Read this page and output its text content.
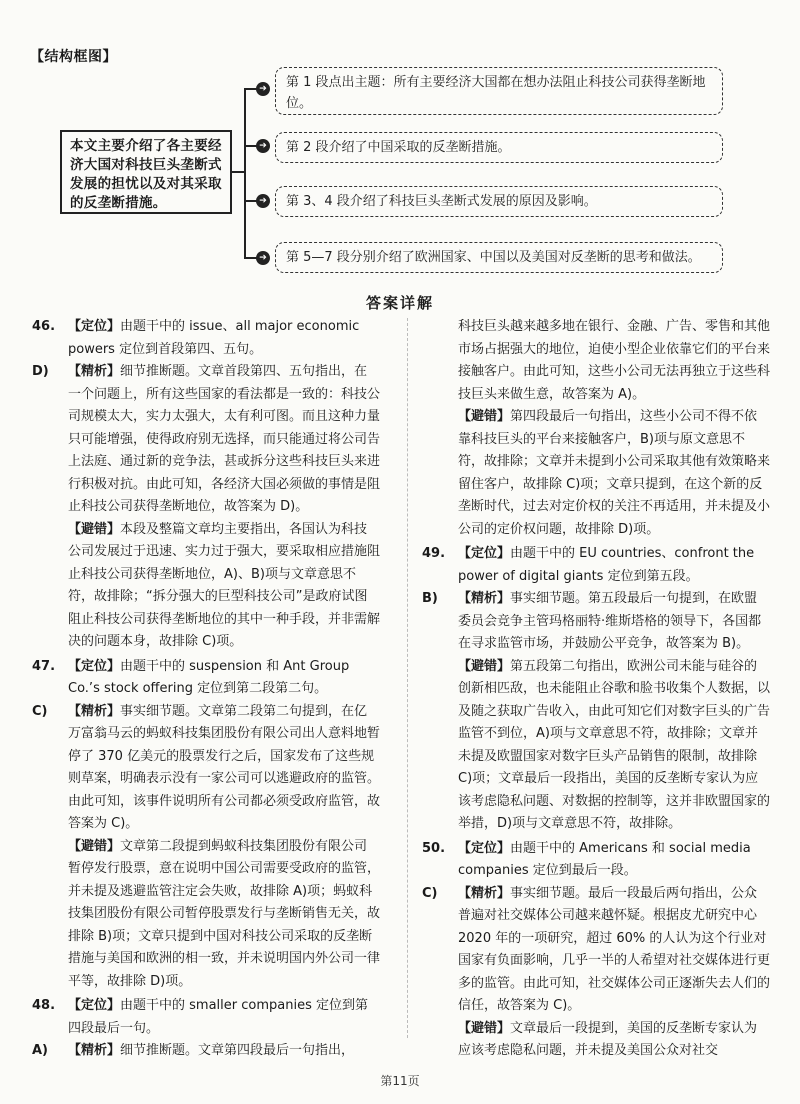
【结构框图】
本文主要介绍了各主要经济大国对科技巨头垄断式发展的担忧以及对其采取的反垄断措施。
➔
➔
➔
➔
第 1 段点出主题：所有主要经济大国都在想办法阻止科技公司获得垄断地位。
第 2 段介绍了中国采取的反垄断措施。
第 3、4 段介绍了科技巨头垄断式发展的原因及影响。
第 5—7 段分别介绍了欧洲国家、中国以及美国对反垄断的思考和做法。
答案详解
46. 【定位】由题干中的 issue、all major economic powers 定位到首段第四、五句。
D)	【精析】细节推断题。文章首段第四、五句指出，在一个问题上，所有这些国家的看法都是一致的：科技公司规模太大，实力太强大，太有利可图。而且这种力量只可能增强，使得政府别无选择，而只能通过将公司告上法庭、通过新的竞争法，甚或拆分这些科技巨头来进行积极对抗。由此可知，各经济大国必须做的事情是阻止科技公司获得垄断地位，故答案为 D)。
【避错】本段及整篇文章均主要指出，各国认为科技公司发展过于迅速、实力过于强大，要采取相应措施阻止科技公司获得垄断地位，A)、B)项与文章意思不符，故排除；“拆分强大的巨型科技公司”是政府试图阻止科技公司获得垄断地位的其中一种手段，并非需解决的问题本身，故排除 C)项。
47. 【定位】由题干中的 suspension 和 Ant Group Co.’s stock offering 定位到第二段第二句。
C)	【精析】事实细节题。文章第二段第二句提到，在亿万富翁马云的蚂蚁科技集团股份有限公司出人意料地暂停了 370 亿美元的股票发行之后，国家发布了这些规则草案，明确表示没有一家公司可以逃避政府的监管。由此可知，该事件说明所有公司都必须受政府监管，故答案为 C)。
【避错】文章第二段提到蚂蚁科技集团股份有限公司暂停发行股票，意在说明中国公司需要受政府的监管，并未提及逃避监管注定会失败，故排除 A)项；蚂蚁科技集团股份有限公司暂停股票发行与垄断销售无关，故排除 B)项；文章只提到中国对科技公司采取的反垄断措施与美国和欧洲的相一致，并未说明国内外公司一律平等，故排除 D)项。
48. 【定位】由题干中的 smaller companies 定位到第四段最后一句。
A)	【精析】细节推断题。文章第四段最后一句指出，
科技巨头越来越多地在银行、金融、广告、零售和其他市场占据强大的地位，迫使小型企业依靠它们的平台来接触客户。由此可知，这些小公司无法再独立于这些科技巨头来做生意，故答案为 A)。
【避错】第四段最后一句指出，这些小公司不得不依靠科技巨头的平台来接触客户，B)项与原文意思不符，故排除；文章并未提到小公司采取其他有效策略来留住客户，故排除 C)项；文章只提到，在这个新的反垄断时代，过去对定价权的关注不再适用，并未提及小公司的定价权问题，故排除 D)项。
49. 【定位】由题干中的 EU countries、confront the power of digital giants 定位到第五段。
B)	【精析】事实细节题。第五段最后一句提到，在欧盟委员会竞争主管玛格丽特·维斯塔格的领导下，各国都在寻求监管市场，并鼓励公平竞争，故答案为 B)。
【避错】第五段第二句指出，欧洲公司未能与硅谷的创新相匹敌，也未能阻止谷歌和脸书收集个人数据，以及随之获取广告收入，由此可知它们对数字巨头的广告监管不到位，A)项与文章意思不符，故排除；文章并未提及欧盟国家对数字巨头产品销售的限制，故排除 C)项；文章最后一段指出，美国的反垄断专家认为应该考虑隐私问题、对数据的控制等，这并非欧盟国家的举措，D)项与文章意思不符，故排除。
50. 【定位】由题干中的 Americans 和 social media companies 定位到最后一段。
C)	【精析】事实细节题。最后一段最后两句指出，公众普遍对社交媒体公司越来越怀疑。根据皮尤研究中心 2020 年的一项研究，超过 60% 的人认为这个行业对国家有负面影响，几乎一半的人希望对社交媒体进行更多的监管。由此可知，社交媒体公司正逐渐失去人们的信任，故答案为 C)。
【避错】文章最后一段提到，美国的反垄断专家认为应该考虑隐私问题，并未提及美国公众对社交
第11页
